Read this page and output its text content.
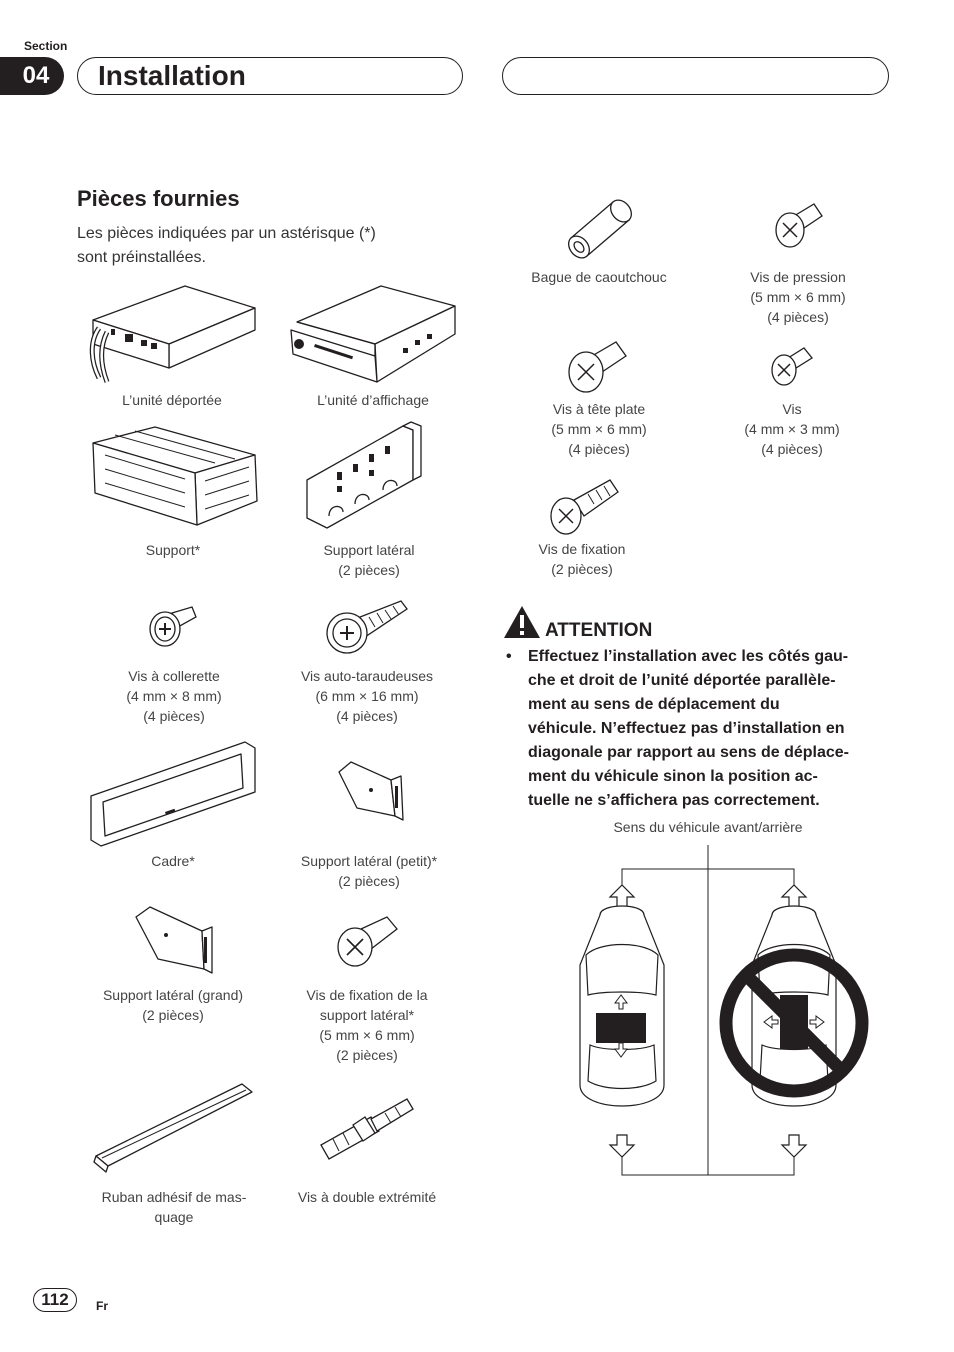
Section
04	Installation
Pièces fournies
Les pièces indiquées par un astérisque (*)
sont préinstallées.
L’unité déportée	L’unité d’affichage
Support*	Support latéral
(2 pièces)
Vis à collerette
(4 mm × 8 mm)
(4 pièces)
Vis auto-taraudeuses
(6 mm × 16 mm)
(4 pièces)
Cadre*	Support latéral (petit)*
(2 pièces)
Support latéral (grand)
(2 pièces)
Vis de fixation de la
support latéral*
(5 mm × 6 mm)
(2 pièces)
Ruban adhésif de mas-
quage
Vis à double extrémité
Bague de caoutchouc	Vis de pression
(5 mm × 6 mm)
(4 pièces)
Vis à tête plate
(5 mm × 6 mm)
(4 pièces)
Vis
(4 mm × 3 mm)
(4 pièces)
Vis de fixation
(2 pièces)
ATTENTION
• Effectuez l’installation avec les côtés gau-
che et droit de l’unité déportée parallèle-
ment au sens de déplacement du
véhicule. N’effectuez pas d’installation en
diagonale par rapport au sens de déplace-
ment du véhicule sinon la position ac-
tuelle ne s’affichera pas correctement.
Sens du véhicule avant/arrière
112	Fr
